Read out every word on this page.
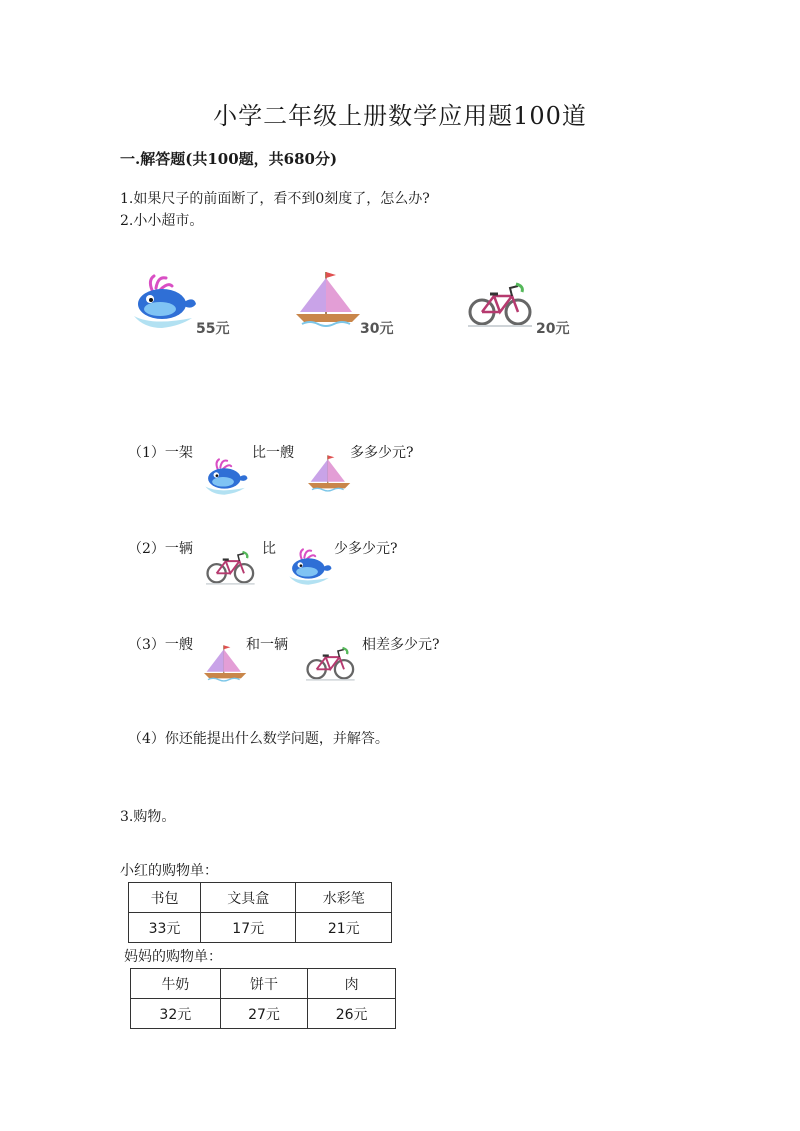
小学二年级上册数学应用题100道
一.解答题(共100题，共680分)
1.如果尺子的前面断了，看不到0刻度了，怎么办?
2.小小超市。
55元	30元	20元
（1）一架	比一艘	多多少元?
（2）一辆	比	少多少元?
（3）一艘	和一辆	相差多少元?
（4）你还能提出什么数学问题，并解答。
3.购物。
小红的购物单：
书包	文具盒	水彩笔
33元	17元	21元
妈妈的购物单：
牛奶	饼干	肉
32元	27元	26元
